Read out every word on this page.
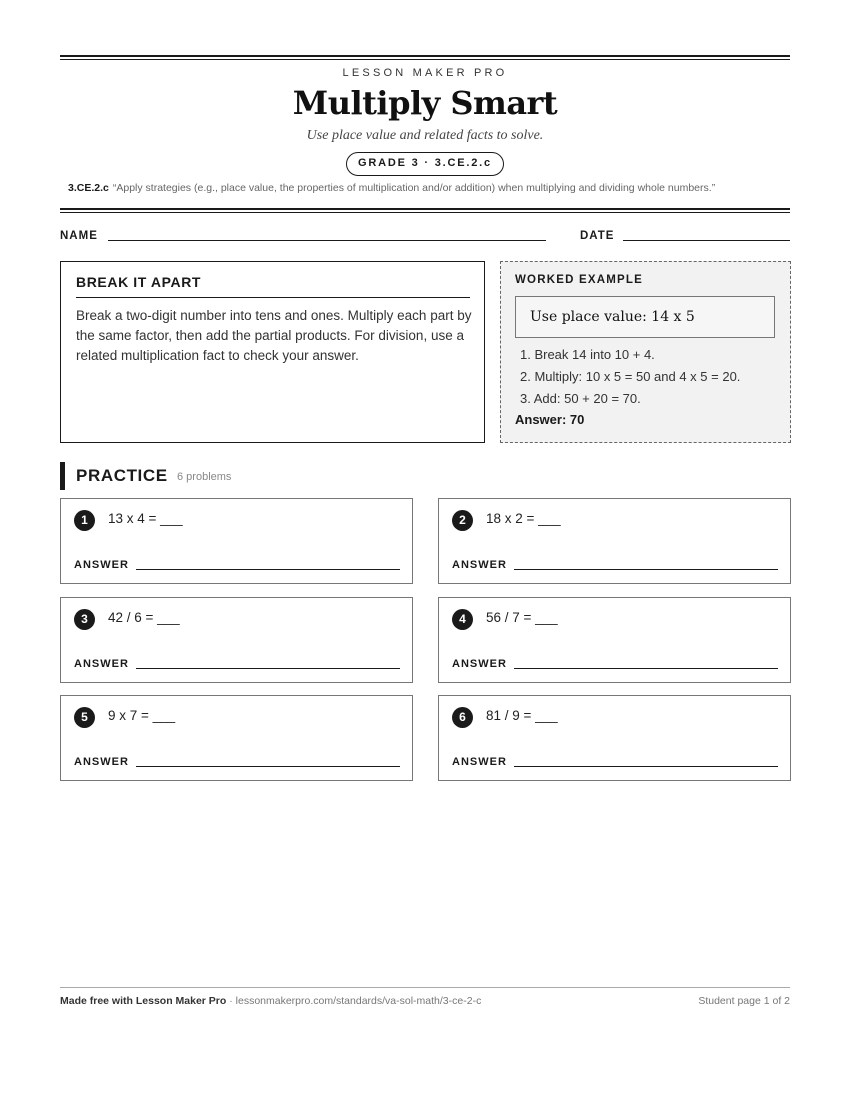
LESSON MAKER PRO
Multiply Smart
Use place value and related facts to solve.
GRADE 3 · 3.CE.2.c
3.CE.2.c “Apply strategies (e.g., place value, the properties of multiplication and/or addition) when multiplying and dividing whole numbers.”
NAME	DATE
BREAK IT APART
Break a two-digit number into tens and ones. Multiply each part by the same factor, then add the partial products. For division, use a related multiplication fact to check your answer.
WORKED EXAMPLE
Use place value: 14 x 5
1. Break 14 into 10 + 4.
2. Multiply: 10 x 5 = 50 and 4 x 5 = 20.
3. Add: 50 + 20 = 70.
Answer: 70
PRACTICE 6 problems
1	13 x 4 = ___
ANSWER
2	18 x 2 = ___
ANSWER
3	42 / 6 = ___
ANSWER
4	56 / 7 = ___
ANSWER
5	9 x 7 = ___
ANSWER
6	81 / 9 = ___
ANSWER
Made free with Lesson Maker Pro · lessonmakerpro.com/standards/va-sol-math/3-ce-2-c	Student page 1 of 2
